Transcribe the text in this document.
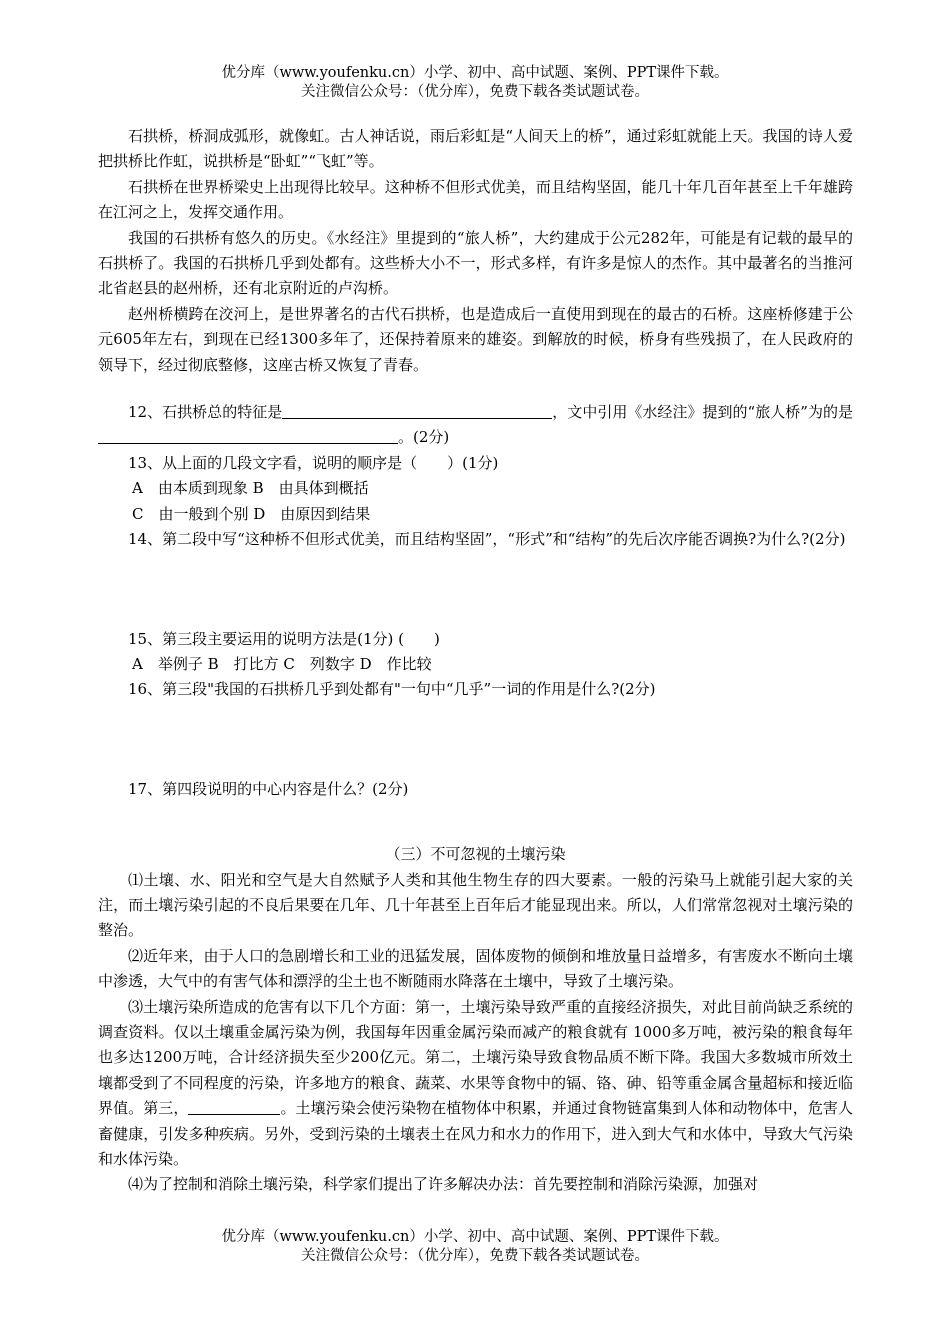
优分库（www.youfenku.cn）小学、初中、高中试题、案例、PPT课件下载。
关注微信公众号：（优分库），免费下载各类试题试卷。

石拱桥，桥洞成弧形，就像虹。古人神话说，雨后彩虹是“人间天上的桥”，通过彩虹就能上天。我国的诗人爱把拱桥比作虹，说拱桥是“卧虹”“飞虹”等。

石拱桥在世界桥梁史上出现得比较早。这种桥不但形式优美，而且结构坚固，能几十年几百年甚至上千年雄跨在江河之上，发挥交通作用。

我国的石拱桥有悠久的历史。《水经注》里提到的“旅人桥”，大约建成于公元282年，可能是有记载的最早的石拱桥了。我国的石拱桥几乎到处都有。这些桥大小不一，形式多样，有许多是惊人的杰作。其中最著名的当推河北省赵县的赵州桥，还有北京附近的卢沟桥。

赵州桥横跨在洨河上，是世界著名的古代石拱桥，也是造成后一直使用到现在的最古的石桥。这座桥修建于公元605年左右，到现在已经1300多年了，还保持着原来的雄姿。到解放的时候，桥身有些残损了，在人民政府的领导下，经过彻底整修，这座古桥又恢复了青春。

12、石拱桥总的特征是	，文中引用《水经注》提到的“旅人桥”为的是。(2分)

13、从上面的几段文字看，说明的顺序是（　　）(1分)

A　由本质到现象 B　由具体到概括

C　由一般到个别 D　由原因到结果

14、第二段中写“这种桥不但形式优美，而且结构坚固”，“形式”和“结构”的先后次序能否调换?为什么?(2分)

15、第三段主要运用的说明方法是(1分) (　　)

A　举例子 B　打比方 C　列数字 D　作比较

16、第三段"我国的石拱桥几乎到处都有"一句中“几乎”一词的作用是什么?(2分)

17、第四段说明的中心内容是什么？(2分)

（三）不可忽视的土壤污染

⑴土壤、水、阳光和空气是大自然赋予人类和其他生物生存的四大要素。一般的污染马上就能引起大家的关注，而土壤污染引起的不良后果要在几年、几十年甚至上百年后才能显现出来。所以，人们常常忽视对土壤污染的整治。

⑵近年来，由于人口的急剧增长和工业的迅猛发展，固体废物的倾倒和堆放量日益增多，有害废水不断向土壤中渗透，大气中的有害气体和漂浮的尘土也不断随雨水降落在土壤中，导致了土壤污染。

⑶土壤污染所造成的危害有以下几个方面：第一，土壤污染导致严重的直接经济损失，对此目前尚缺乏系统的调查资料。仅以土壤重金属污染为例，我国每年因重金属污染而减产的粮食就有 1000多万吨，被污染的粮食每年也多达1200万吨，合计经济损失至少200亿元。第二，土壤污染导致食物品质不断下降。我国大多数城市所效土壤都受到了不同程度的污染，许多地方的粮食、蔬菜、水果等食物中的镉、铬、砷、铅等重金属含量超标和接近临界值。第三，	。土壤污染会使污染物在植物体中积累，并通过食物链富集到人体和动物体中，危害人畜健康，引发多种疾病。另外，受到污染的土壤表土在风力和水力的作用下，进入到大气和水体中，导致大气污染和水体污染。

⑷为了控制和消除土壤污染，科学家们提出了许多解决办法：首先要控制和消除污染源，加强对

优分库（www.youfenku.cn）小学、初中、高中试题、案例、PPT课件下载。
关注微信公众号：（优分库），免费下载各类试题试卷。
